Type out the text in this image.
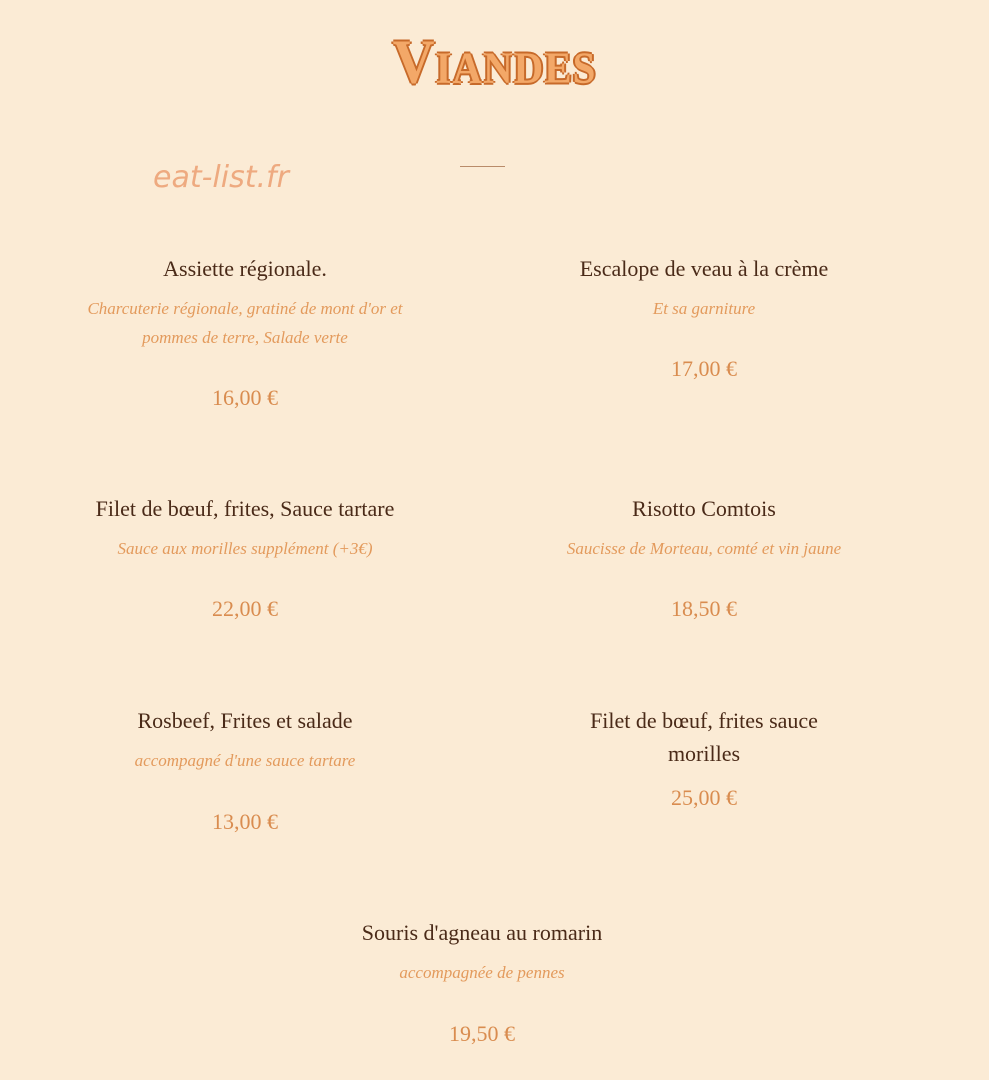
Viandes
eat-list.fr
Assiette régionale.
Charcuterie régionale, gratiné de mont d'or et pommes de terre, Salade verte
16,00 €
Escalope de veau à la crème
Et sa garniture
17,00 €
Filet de bœuf, frites, Sauce tartare
Sauce aux morilles supplément (+3€)
22,00 €
Risotto Comtois
Saucisse de Morteau, comté et vin jaune
18,50 €
Rosbeef, Frites et salade
accompagné d'une sauce tartare
13,00 €
Filet de bœuf, frites sauce morilles
25,00 €
Souris d'agneau au romarin
accompagnée de pennes
19,50 €
